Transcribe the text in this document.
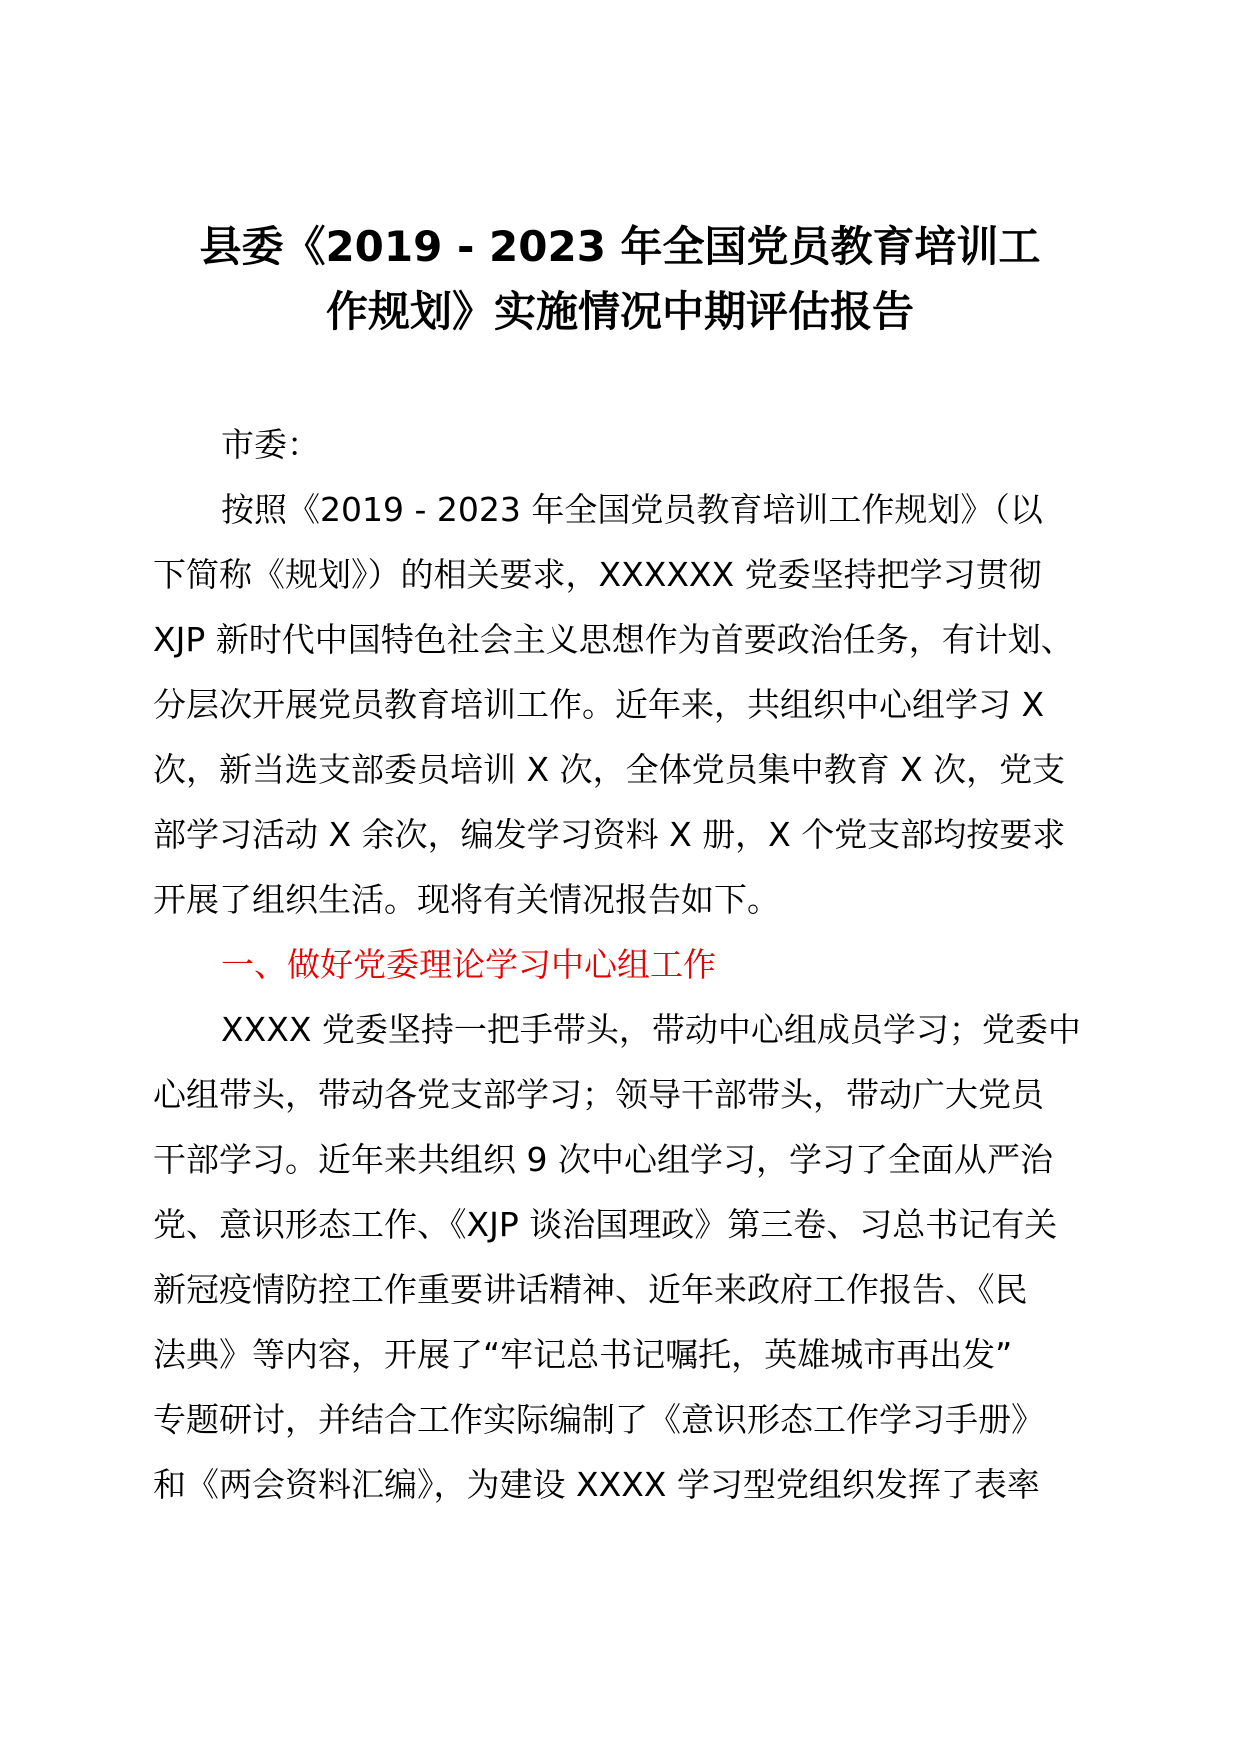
县委《2019 - 2023 年全国党员教育培训工
作规划》实施情况中期评估报告
市委：
按照《2019 - 2023 年全国党员教育培训工作规划》（以
下简称《规划》）的相关要求，XXXXXX 党委坚持把学习贯彻
XJP 新时代中国特色社会主义思想作为首要政治任务，有计划、
分层次开展党员教育培训工作。近年来，共组织中心组学习 X
次，新当选支部委员培训 X 次，全体党员集中教育 X 次，党支
部学习活动 X 余次，编发学习资料 X 册，X 个党支部均按要求
开展了组织生活。现将有关情况报告如下。
一、做好党委理论学习中心组工作
XXXX 党委坚持一把手带头，带动中心组成员学习；党委中
心组带头，带动各党支部学习；领导干部带头，带动广大党员
干部学习。近年来共组织 9 次中心组学习，学习了全面从严治
党、意识形态工作、《XJP 谈治国理政》第三卷、习总书记有关
新冠疫情防控工作重要讲话精神、近年来政府工作报告、《民
法典》等内容，开展了“牢记总书记嘱托，英雄城市再出发”
专题研讨，并结合工作实际编制了《意识形态工作学习手册》
和《两会资料汇编》，为建设 XXXX 学习型党组织发挥了表率
